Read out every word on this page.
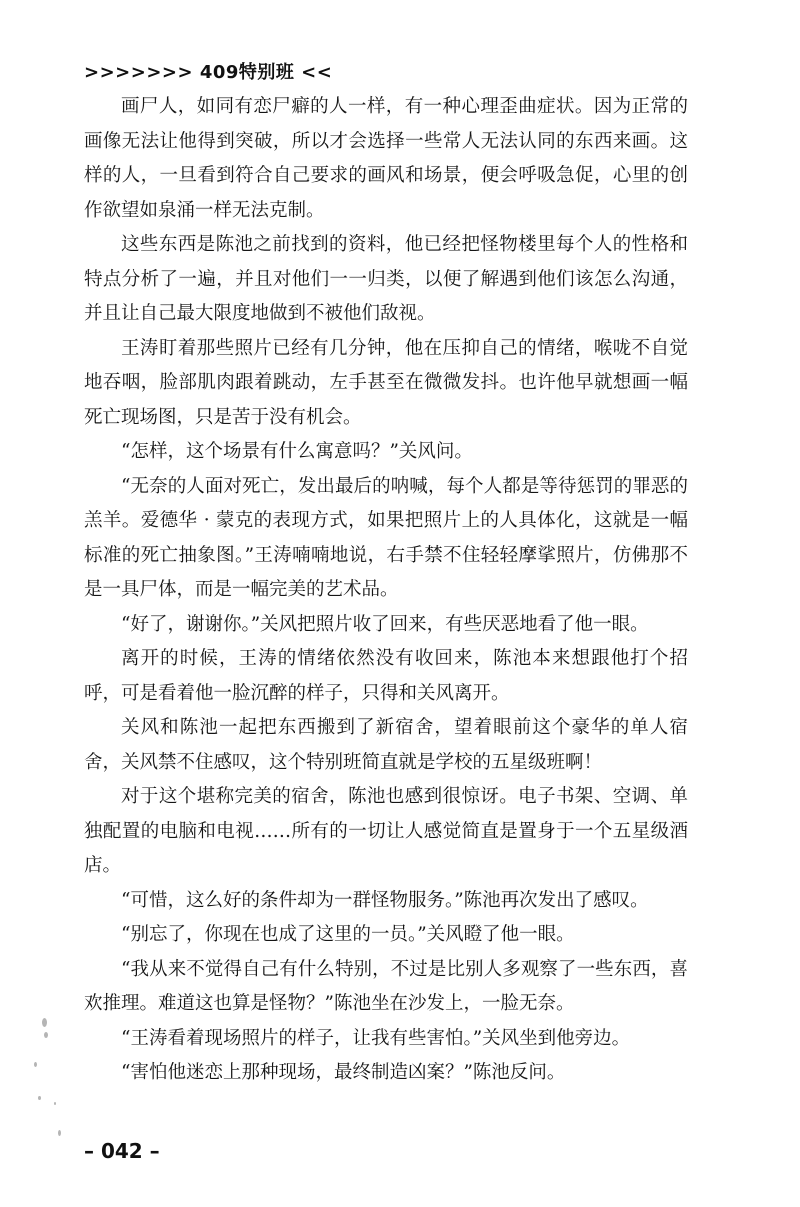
>>>>>>> 409特别班 <<

画尸人，如同有恋尸癖的人一样，有一种心理歪曲症状。因为正常的画像无法让他得到突破，所以才会选择一些常人无法认同的东西来画。这样的人，一旦看到符合自己要求的画风和场景，便会呼吸急促，心里的创作欲望如泉涌一样无法克制。

这些东西是陈池之前找到的资料，他已经把怪物楼里每个人的性格和特点分析了一遍，并且对他们一一归类，以便了解遇到他们该怎么沟通，并且让自己最大限度地做到不被他们敌视。

王涛盯着那些照片已经有几分钟，他在压抑自己的情绪，喉咙不自觉地吞咽，脸部肌肉跟着跳动，左手甚至在微微发抖。也许他早就想画一幅死亡现场图，只是苦于没有机会。

“怎样，这个场景有什么寓意吗？”关风问。

“无奈的人面对死亡，发出最后的呐喊，每个人都是等待惩罚的罪恶的羔羊。爱德华 · 蒙克的表现方式，如果把照片上的人具体化，这就是一幅标准的死亡抽象图。”王涛喃喃地说，右手禁不住轻轻摩挲照片，仿佛那不是一具尸体，而是一幅完美的艺术品。

“好了，谢谢你。”关风把照片收了回来，有些厌恶地看了他一眼。

离开的时候，王涛的情绪依然没有收回来，陈池本来想跟他打个招呼，可是看着他一脸沉醉的样子，只得和关风离开。

关风和陈池一起把东西搬到了新宿舍，望着眼前这个豪华的单人宿舍，关风禁不住感叹，这个特别班简直就是学校的五星级班啊！

对于这个堪称完美的宿舍，陈池也感到很惊讶。电子书架、空调、单独配置的电脑和电视……所有的一切让人感觉简直是置身于一个五星级酒店。

“可惜，这么好的条件却为一群怪物服务。”陈池再次发出了感叹。

“别忘了，你现在也成了这里的一员。”关风瞪了他一眼。

“我从来不觉得自己有什么特别，不过是比别人多观察了一些东西，喜欢推理。难道这也算是怪物？”陈池坐在沙发上，一脸无奈。

“王涛看着现场照片的样子，让我有些害怕。”关风坐到他旁边。

“害怕他迷恋上那种现场，最终制造凶案？”陈池反问。

– 042 –
